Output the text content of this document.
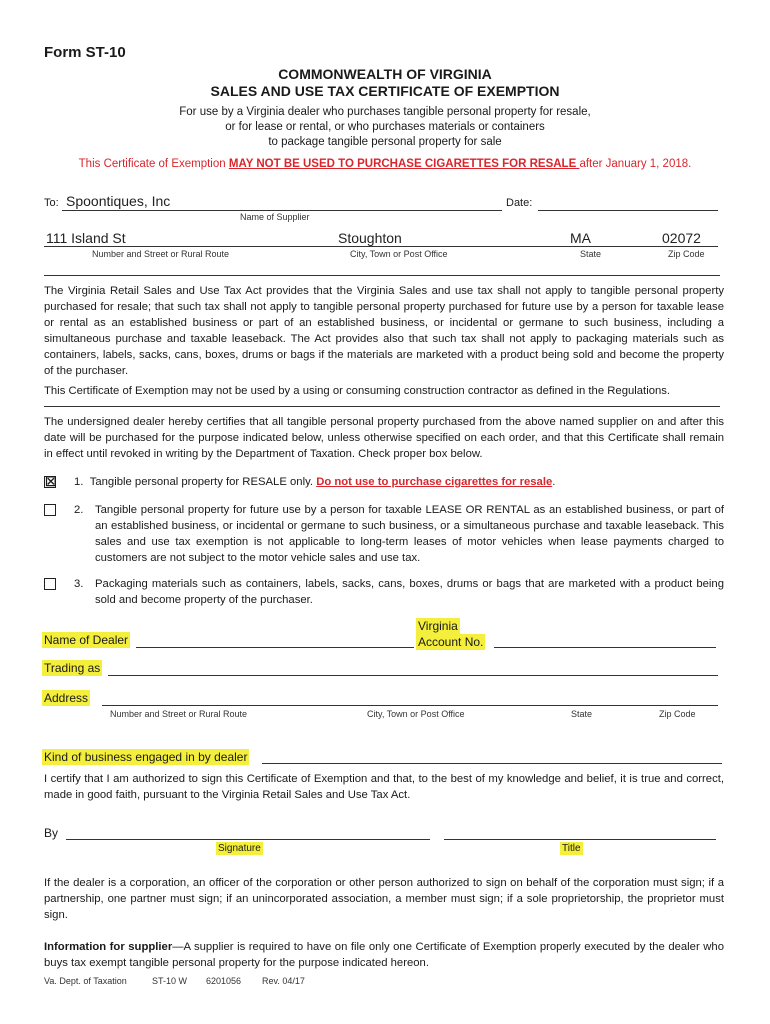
Form ST-10
COMMONWEALTH OF VIRGINIA
SALES AND USE TAX CERTIFICATE OF EXEMPTION
For use by a Virginia dealer who purchases tangible personal property for resale,
or for lease or rental, or who purchases materials or containers
to package tangible personal property for sale
This Certificate of Exemption MAY NOT BE USED TO PURCHASE CIGARETTES FOR RESALE after January 1, 2018.
To: Spoontiques, Inc
Name of Supplier
Date:
111 Island St	Stoughton	MA	02072
Number and Street or Rural Route	City, Town or Post Office	State	Zip Code
The Virginia Retail Sales and Use Tax Act provides that the Virginia Sales and use tax shall not apply to tangible personal property purchased for resale; that such tax shall not apply to tangible personal property purchased for future use by a person for taxable lease or rental as an established business or part of an established business, or incidental or germane to such business, including a simultaneous purchase and taxable leaseback. The Act provides also that such tax shall not apply to packaging materials such as containers, labels, sacks, cans, boxes, drums or bags if the materials are marketed with a product being sold and become the property of the purchaser.
This Certificate of Exemption may not be used by a using or consuming construction contractor as defined in the Regulations.
The undersigned dealer hereby certifies that all tangible personal property purchased from the above named supplier on and after this date will be purchased for the purpose indicated below, unless otherwise specified on each order, and that this Certificate shall remain in effect until revoked in writing by the Department of Taxation. Check proper box below.
☒ 1. Tangible personal property for RESALE only. Do not use to purchase cigarettes for resale.
2.	Tangible personal property for future use by a person for taxable LEASE OR RENTAL as an established business, or part of an established business, or incidental or germane to such business, or a simultaneous purchase and taxable leaseback. This sales and use tax exemption is not applicable to long-term leases of motor vehicles when lease payments charged to customers are not subject to the motor vehicle sales and use tax.
3.	Packaging materials such as containers, labels, sacks, cans, boxes, drums or bags that are marketed with a product being sold and become property of the purchaser.
Name of Dealer
Virginia
Account No.
Trading as
Address
Number and Street or Rural Route	City, Town or Post Office	State	Zip Code
Kind of business engaged in by dealer
I certify that I am authorized to sign this Certificate of Exemption and that, to the best of my knowledge and belief, it is true and correct, made in good faith, pursuant to the Virginia Retail Sales and Use Tax Act.
By
Signature	Title
If the dealer is a corporation, an officer of the corporation or other person authorized to sign on behalf of the corporation must sign; if a partnership, one partner must sign; if an unincorporated association, a member must sign; if a sole proprietorship, the proprietor must sign.
Information for supplier—A supplier is required to have on file only one Certificate of Exemption properly executed by the dealer who buys tax exempt tangible personal property for the purpose indicated hereon.
Va. Dept. of Taxation	ST-10 W 6201056 Rev. 04/17
